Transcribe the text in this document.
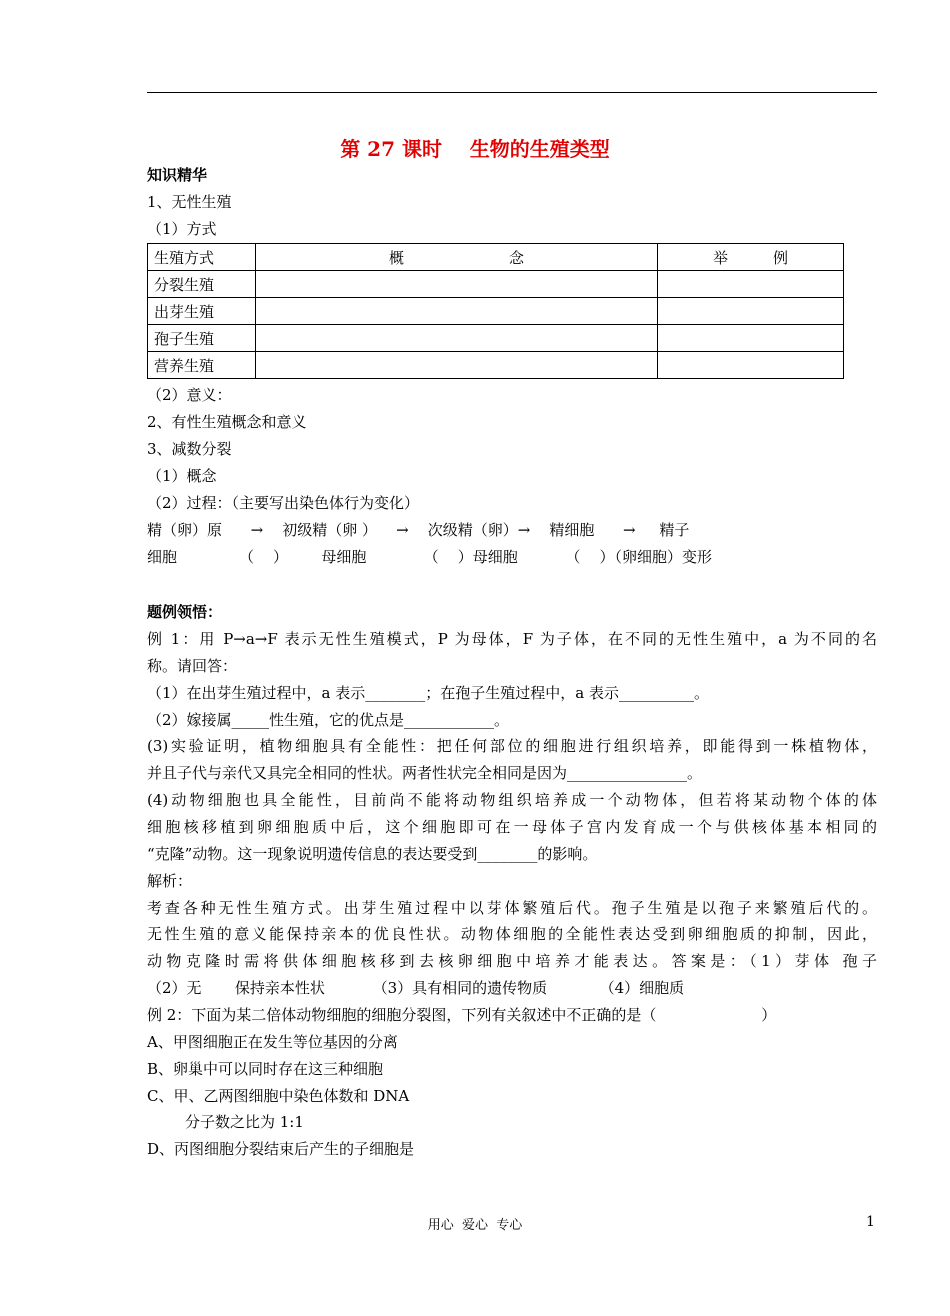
第 27 课时    生物的生殖类型
知识精华
1、无性生殖
（1）方式
生殖方式	概　　　　　　　念	举　　　例
分裂生殖		
出芽生殖		
孢子生殖		
营养生殖		
（2）意义：
2、有性生殖概念和意义
3、减数分裂
（1）概念
（2）过程：（主要写出染色体行为变化）
精（卵）原      →    初级精（卵 ）    →    次级精（卵）→    精细胞      →     精子
细胞             （    ）       母细胞            （    ）母细胞          （    ）（卵细胞）变形
题例领悟：
例 1：用 P→a→F 表示无性生殖模式，P 为母体，F 为子体，在不同的无性生殖中，a 为不同的名
称。请回答：
（1）在出芽生殖过程中，a 表示________；在孢子生殖过程中，a 表示__________。
（2）嫁接属_____性生殖，它的优点是____________。
(3)实验证明，植物细胞具有全能性：把任何部位的细胞进行组织培养，即能得到一株植物体，
并且子代与亲代又具完全相同的性状。两者性状完全相同是因为________________。
(4)动物细胞也具全能性，目前尚不能将动物组织培养成一个动物体，但若将某动物个体的体
细胞核移植到卵细胞质中后，这个细胞即可在一母体子宫内发育成一个与供核体基本相同的
“克隆”动物。这一现象说明遗传信息的表达要受到________的影响。
解析：
考查各种无性生殖方式。出芽生殖过程中以芽体繁殖后代。孢子生殖是以孢子来繁殖后代的。
无性生殖的意义能保持亲本的优良性状。动物体细胞的全能性表达受到卵细胞质的抑制，因此，
动物克隆时需将供体细胞核移到去核卵细胞中培养才能表达。答案是：（1）芽体 孢子
（2）无       保持亲本性状          （3）具有相同的遗传物质           （4）细胞质
例 2：下面为某二倍体动物细胞的细胞分裂图，下列有关叙述中不正确的是（                      ）
A、甲图细胞正在发生等位基因的分离
B、卵巢中可以同时存在这三种细胞
C、甲、乙两图细胞中染色体数和 DNA
分子数之比为 1:1
D、丙图细胞分裂结束后产生的子细胞是
用心  爱心  专心	1
